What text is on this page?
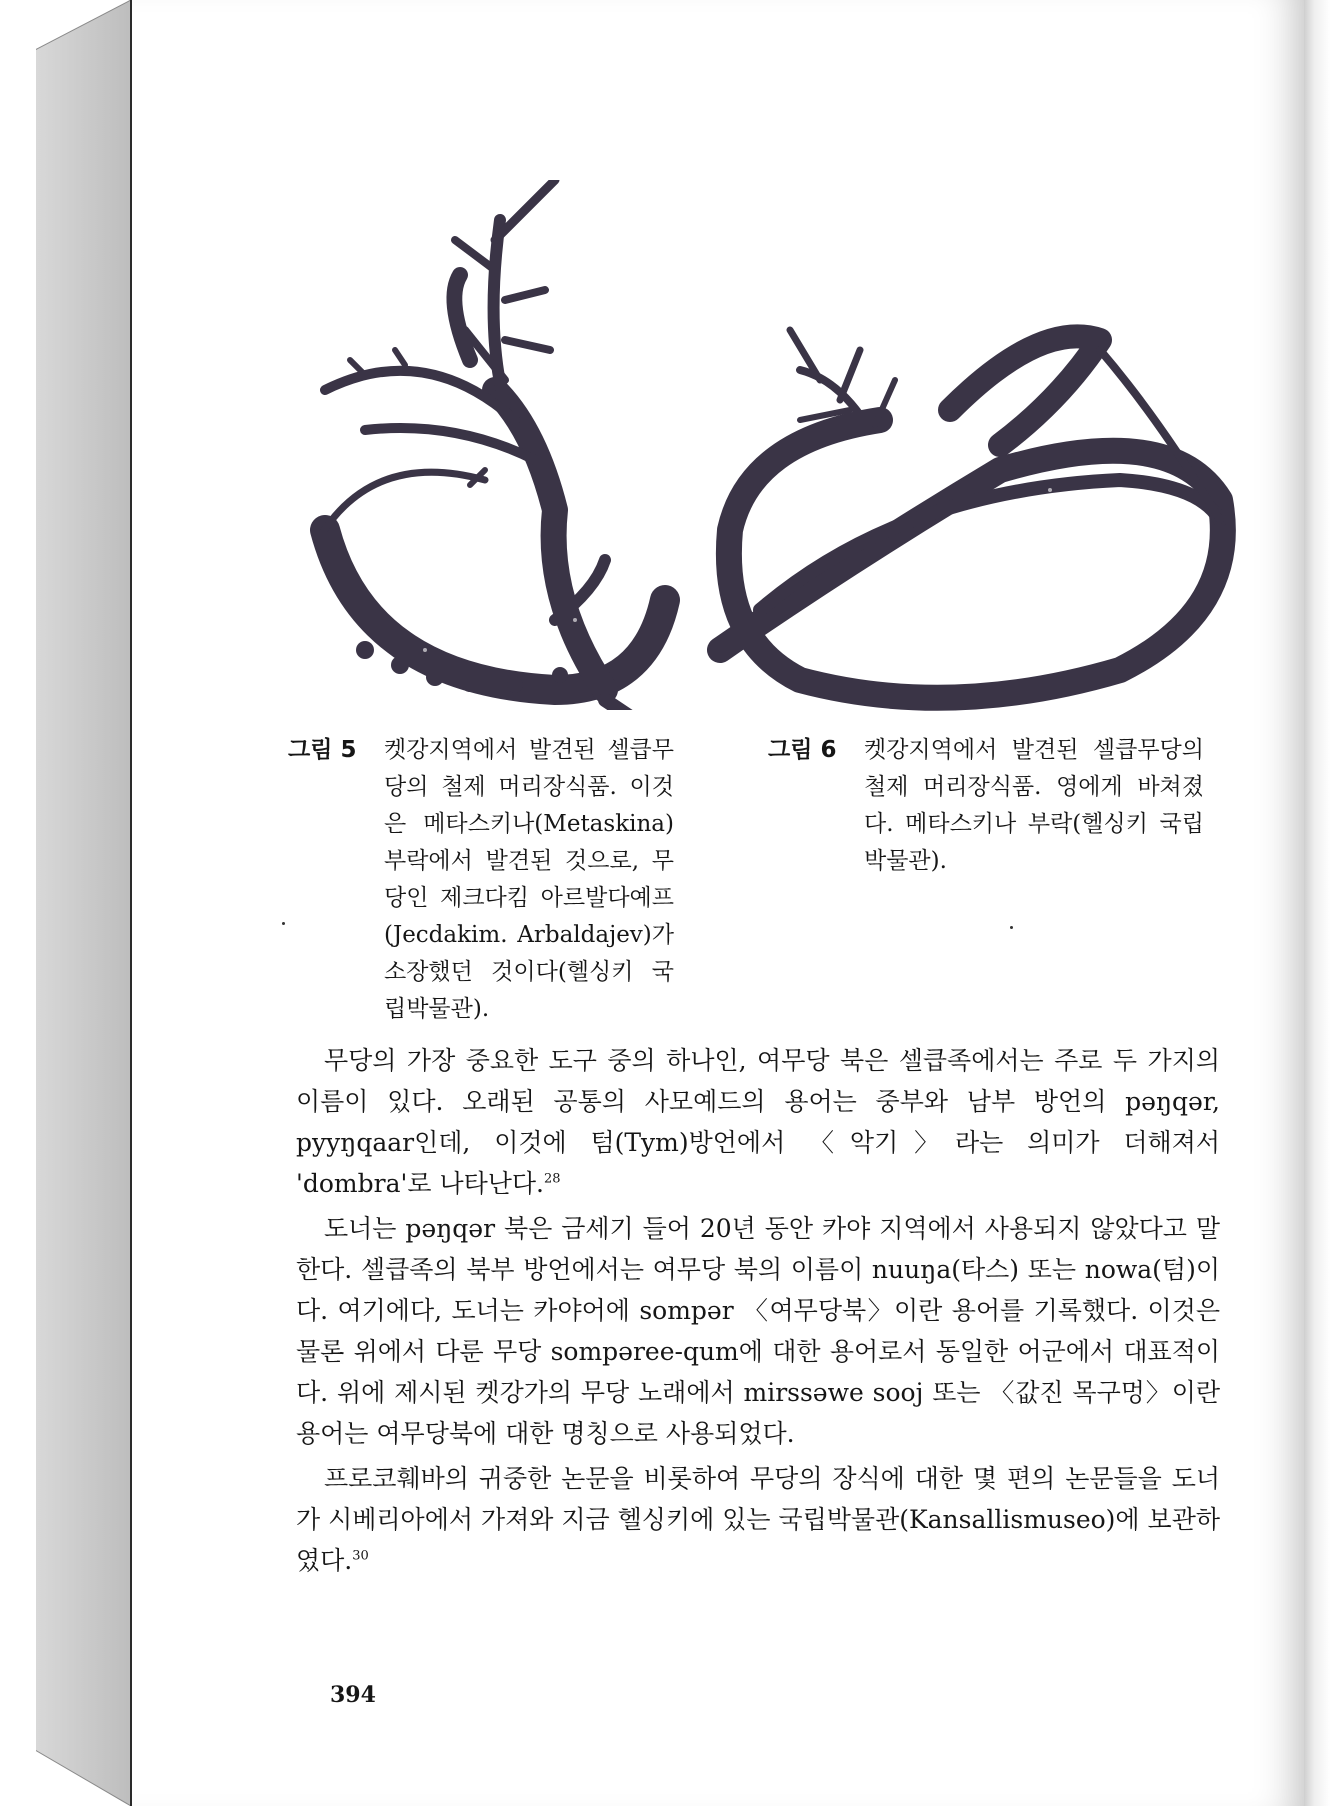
그림 5 켓강지역에서 발견된 셀큽무당의 철제 머리장식품. 이것은 메타스키나(Metaskina)부락에서 발견된 것으로, 무당인 제크다킴 아르발다예프(Jecdakim. Arbaldajev)가 소장했던 것이다(헬싱키 국립박물관).
그림 6 켓강지역에서 발견된 셀큽무당의 철제 머리장식품. 영에게 바쳐졌다. 메타스키나 부락(헬싱키 국립박물관).

무당의 가장 중요한 도구 중의 하나인, 여무당 북은 셀큽족에서는 주로 두 가지의 이름이 있다. 오래된 공통의 사모예드의 용어는 중부와 남부 방언의 pəŋqər, pyyŋqaar인데, 이것에 텀(Tym)방언에서 〈악기〉라는 의미가 더해져서 'dombra'로 나타난다.$^{28}$

도너는 pəŋqər 북은 금세기 들어 20년 동안 카야 지역에서 사용되지 않았다고 말한다. 셀큽족의 북부 방언에서는 여무당 북의 이름이 nuuŋa(타스) 또는 nowa(텀)이다. 여기에다, 도너는 카야어에 sompər 〈여무당북〉이란 용어를 기록했다. 이것은 물론 위에서 다룬 무당 sompəree-qum에 대한 용어로서 동일한 어군에서 대표적이다. 위에 제시된 켓강가의 무당 노래에서 mirssəwe sooj 또는 〈값진 목구멍〉이란 용어는 여무당북에 대한 명칭으로 사용되었다.

프로코훼바의 귀중한 논문을 비롯하여 무당의 장식에 대한 몇 편의 논문들을 도너가 시베리아에서 가져와 지금 헬싱키에 있는 국립박물관(Kansallismuseo)에 보관하였다.$^{30}$

394
